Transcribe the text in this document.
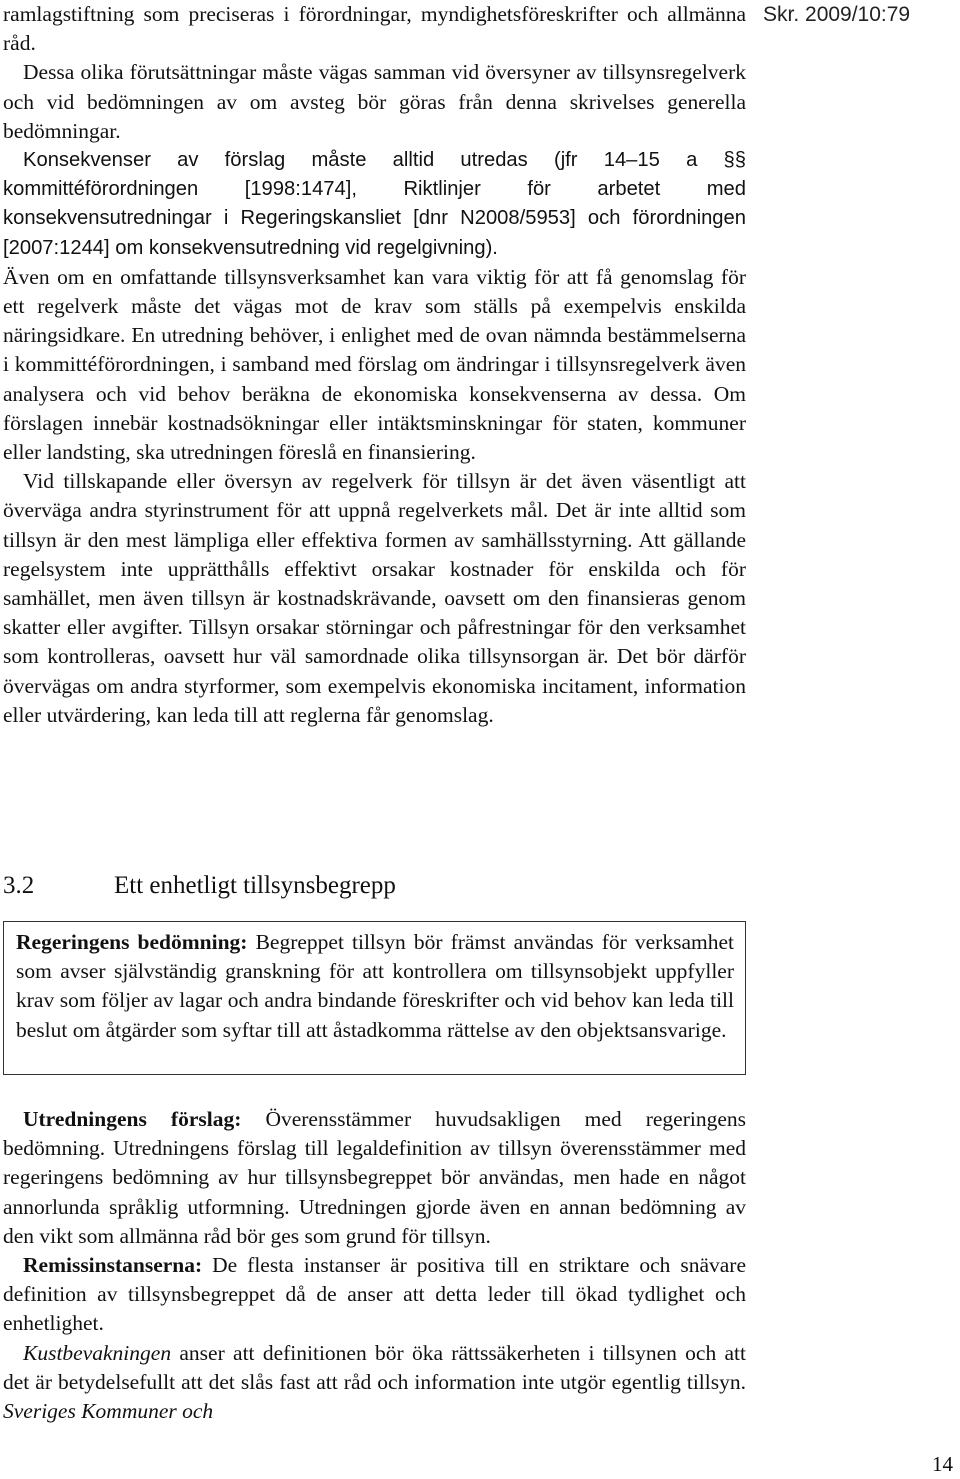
Skr. 2009/10:79

ramlagstiftning som preciseras i förordningar, myndighetsföreskrifter och allmänna råd.

Dessa olika förutsättningar måste vägas samman vid översyner av tillsynsregelverk och vid bedömningen av om avsteg bör göras från denna skrivelses generella bedömningar.

Konsekvenser av förslag måste alltid utredas (jfr 14–15 a §§ kommittéförordningen [1998:1474], Riktlinjer för arbetet med konsekvensutredningar i Regeringskansliet [dnr N2008/5953] och förordningen [2007:1244] om konsekvensutredning vid regelgivning).

Även om en omfattande tillsynsverksamhet kan vara viktig för att få genomslag för ett regelverk måste det vägas mot de krav som ställs på exempelvis enskilda näringsidkare. En utredning behöver, i enlighet med de ovan nämnda bestämmelserna i kommittéförordningen, i samband med förslag om ändringar i tillsynsregelverk även analysera och vid behov beräkna de ekonomiska konsekvenserna av dessa. Om förslagen innebär kostnadsökningar eller intäktsminskningar för staten, kommuner eller landsting, ska utredningen föreslå en finansiering.

Vid tillskapande eller översyn av regelverk för tillsyn är det även väsentligt att överväga andra styrinstrument för att uppnå regelverkets mål. Det är inte alltid som tillsyn är den mest lämpliga eller effektiva formen av samhällsstyrning. Att gällande regelsystem inte upprätthålls effektivt orsakar kostnader för enskilda och för samhället, men även tillsyn är kostnadskrävande, oavsett om den finansieras genom skatter eller avgifter. Tillsyn orsakar störningar och påfrestningar för den verksamhet som kontrolleras, oavsett hur väl samordnade olika tillsynsorgan är. Det bör därför övervägas om andra styrformer, som exempelvis ekonomiska incitament, information eller utvärdering, kan leda till att reglerna får genomslag.

3.2	Ett enhetligt tillsynsbegrepp

Regeringens bedömning: Begreppet tillsyn bör främst användas för verksamhet som avser självständig granskning för att kontrollera om tillsynsobjekt uppfyller krav som följer av lagar och andra bindande föreskrifter och vid behov kan leda till beslut om åtgärder som syftar till att åstadkomma rättelse av den objektsansvarige.

Utredningens förslag: Överensstämmer huvudsakligen med regeringens bedömning. Utredningens förslag till legaldefinition av tillsyn överensstämmer med regeringens bedömning av hur tillsynsbegreppet bör användas, men hade en något annorlunda språklig utformning. Utredningen gjorde även en annan bedömning av den vikt som allmänna råd bör ges som grund för tillsyn.

Remissinstanserna: De flesta instanser är positiva till en striktare och snävare definition av tillsynsbegreppet då de anser att detta leder till ökad tydlighet och enhetlighet.

Kustbevakningen anser att definitionen bör öka rättssäkerheten i tillsynen och att det är betydelsefullt att det slås fast att råd och information inte utgör egentlig tillsyn. Sveriges Kommuner och

14
